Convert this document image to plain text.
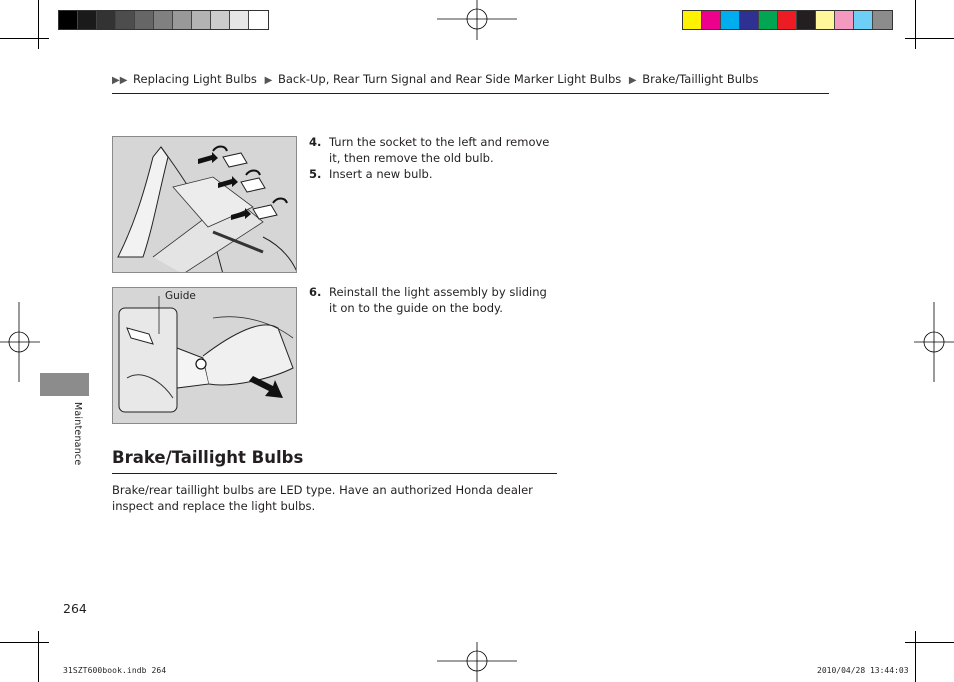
▶▶ Replacing Light Bulbs ▶ Back-Up, Rear Turn Signal and Rear Side Marker Light Bulbs ▶ Brake/Taillight Bulbs
Maintenance
Guide
4. Turn the socket to the left and remove it, then remove the old bulb.
5. Insert a new bulb.
6. Reinstall the light assembly by sliding it on to the guide on the body.
Brake/Taillight Bulbs
Brake/rear taillight bulbs are LED type. Have an authorized Honda dealer inspect and replace the light bulbs.
264
31SZT600book.indb 264	2010/04/28 13:44:03
